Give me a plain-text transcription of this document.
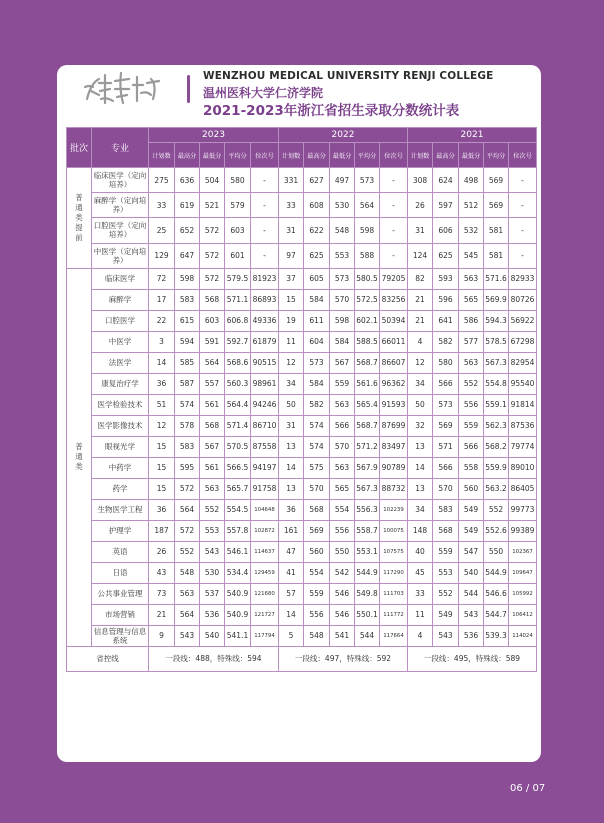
WENZHOU MEDICAL UNIVERSITY RENJI COLLEGE
温州医科大学仁济学院
2021-2023年浙江省招生录取分数统计表
批次	专业	2023					2022					2021				
		计划数	最高分	最低分	平均分	位次号	计划数	最高分	最低分	平均分	位次号	计划数	最高分	最低分	平均分	位次号

普通类提前	临床医学（定向培养）	275	636	504	580	-	331	627	497	573	-	308	624	498	569	-
	麻醉学（定向培养）	33	619	521	579	-	33	608	530	564	-	26	597	512	569	-
	口腔医学（定向培养）	25	652	572	603	-	31	622	548	598	-	31	606	532	581	-
	中医学（定向培养）	129	647	572	601	-	97	625	553	588	-	124	625	545	581	-

普通类	临床医学	72	598	572	579.5	81923	37	605	573	580.5	79205	82	593	563	571.6	82933
	麻醉学	17	583	568	571.1	86893	15	584	570	572.5	83256	21	596	565	569.9	80726
	口腔医学	22	615	603	606.8	49336	19	611	598	602.1	50394	21	641	586	594.3	56922
	中医学	3	594	591	592.7	61879	11	604	584	588.5	66011	4	582	577	578.5	67298
	法医学	14	585	564	568.6	90515	12	573	567	568.7	86607	12	580	563	567.3	82954
	康复治疗学	36	587	557	560.3	98961	34	584	559	561.6	96362	34	566	552	554.8	95540
	医学检验技术	51	574	561	564.4	94246	50	582	563	565.4	91593	50	573	556	559.1	91814
	医学影像技术	12	578	568	571.4	86710	31	574	566	568.7	87699	32	569	559	562.3	87536
	眼视光学	15	583	567	570.5	87558	13	574	570	571.2	83497	13	571	566	568.2	79774
	中药学	15	595	561	566.5	94197	14	575	563	567.9	90789	14	566	558	559.9	89010
	药学	15	572	563	565.7	91758	13	570	565	567.3	88732	13	570	560	563.2	86405
	生物医学工程	36	564	552	554.5	104648	36	568	554	556.3	102239	34	583	549	552	99773
	护理学	187	572	553	557.8	102872	161	569	556	558.7	100075	148	568	549	552.6	99389
	英语	26	552	543	546.1	114637	47	560	550	553.1	107575	40	559	547	550	102367
	日语	43	548	530	534.4	129459	41	554	542	544.9	117290	45	553	540	544.9	109647
	公共事业管理	73	563	537	540.9	121680	57	559	546	549.8	111703	33	552	544	546.6	105992
	市场营销	21	564	536	540.9	121727	14	556	546	550.1	111772	11	549	543	544.7	106412
	信息管理与信息系统	9	543	540	541.1	117794	5	548	541	544	117664	4	543	536	539.3	114024
省控线		一段线：488，特殊线：594					一段线：497，特殊线：592					一段线：495，特殊线：589				
06 / 07
